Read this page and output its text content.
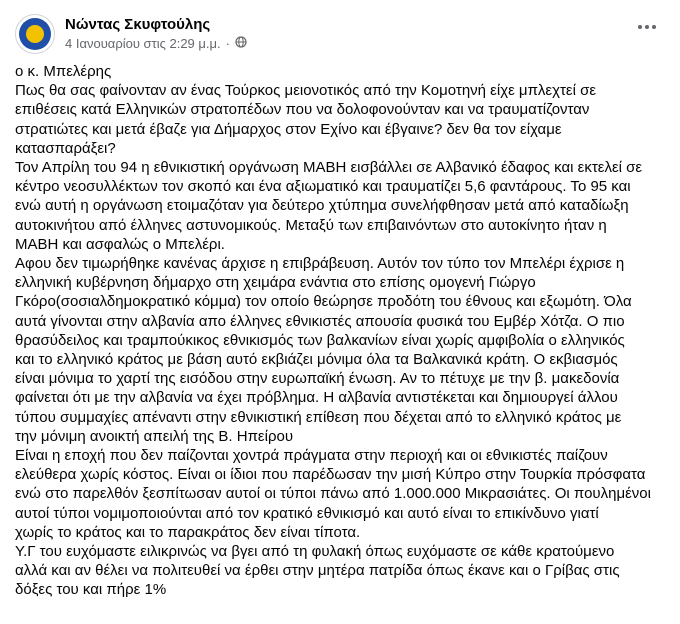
Νώντας Σκυφτούλης
4 Ιανουαρίου στις 2:29 μ.μ. ·
ο κ. Μπελέρης
Πως θα σας φαίνονταν αν ένας Τούρκος μειονοτικός από την Κομοτηνή είχε μπλεχτεί σε
επιθέσεις κατά Ελληνικών στρατοπέδων που να δολοφονούνταν και να τραυματίζονταν
στρατιώτες και μετά έβαζε για Δήμαρχος στον Εχίνο και έβγαινε? δεν θα τον είχαμε
κατασπαράξει?
Τον Απρίλη του 94 η εθνικιστική οργάνωση ΜΑΒΗ εισβάλλει σε Αλβανικό έδαφος και εκτελεί σε
κέντρο νεοσυλλέκτων τον σκοπό και ένα αξιωματικό και τραυματίζει 5,6 φαντάρους. Το 95 και
ενώ αυτή η οργάνωση ετοιμαζόταν για δεύτερο χτύπημα συνελήφθησαν μετά από καταδίωξη
αυτοκινήτου από έλληνες αστυνομικούς. Μεταξύ των επιβαινόντων στο αυτοκίνητο ήταν η
ΜΑΒΗ και ασφαλώς ο Μπελέρι.
Αφου δεν τιμωρήθηκε κανένας άρχισε η επιβράβευση. Αυτόν τον τύπο τον Μπελέρι έχρισε η
ελληνική κυβέρνηση δήμαρχο στη χειμάρα ενάντια στο επίσης ομογενή Γιώργο
Γκόρο(σοσιαλδημοκρατικό κόμμα) τον οποίο θεώρησε προδότη του έθνους και εξωμότη. Όλα
αυτά γίνονται στην αλβανία απο έλληνες εθνικιστές απουσία φυσικά του Εμβέρ Χότζα. Ο πιο
θρασύδειλος και τραμπούκικος εθνικισμός των βαλκανίων είναι χωρίς αμφιβολία ο ελληνικός
και το ελληνικό κράτος με βάση αυτό εκβιάζει μόνιμα όλα τα Βαλκανικά κράτη. Ο εκβιασμός
είναι μόνιμα το χαρτί της εισόδου στην ευρωπαϊκή ένωση. Αν το πέτυχε με την β. μακεδονία
φαίνεται ότι με την αλβανία να έχει πρόβλημα. Η αλβανία αντιστέκεται και δημιουργεί άλλου
τύπου συμμαχίες απέναντι στην εθνικιστική επίθεση που δέχεται από το ελληνικό κράτος με
την μόνιμη ανοικτή απειλή της Β. Ηπείρου
Είναι η εποχή που δεν παίζονται χοντρά πράγματα στην περιοχή και οι εθνικιστές παίζουν
ελεύθερα χωρίς κόστος. Είναι οι ίδιοι που παρέδωσαν την μισή Κύπρο στην Τουρκία πρόσφατα
ενώ στο παρελθόν ξεσπίτωσαν αυτοί οι τύποι πάνω από 1.000.000 Μικρασιάτες. Οι πουλημένοι
αυτοί τύποι νομιμοποιούνται από τον κρατικό εθνικισμό και αυτό είναι το επικίνδυνο γιατί
χωρίς το κράτος και το παρακράτος δεν είναι τίποτα.
Υ.Γ του ευχόμαστε ειλικρινώς να βγει από τη φυλακή όπως ευχόμαστε σε κάθε κρατούμενο
αλλά και αν θέλει να πολιτευθεί να έρθει στην μητέρα πατρίδα όπως έκανε και ο Γρίβας στις
δόξες του και πήρε 1%
